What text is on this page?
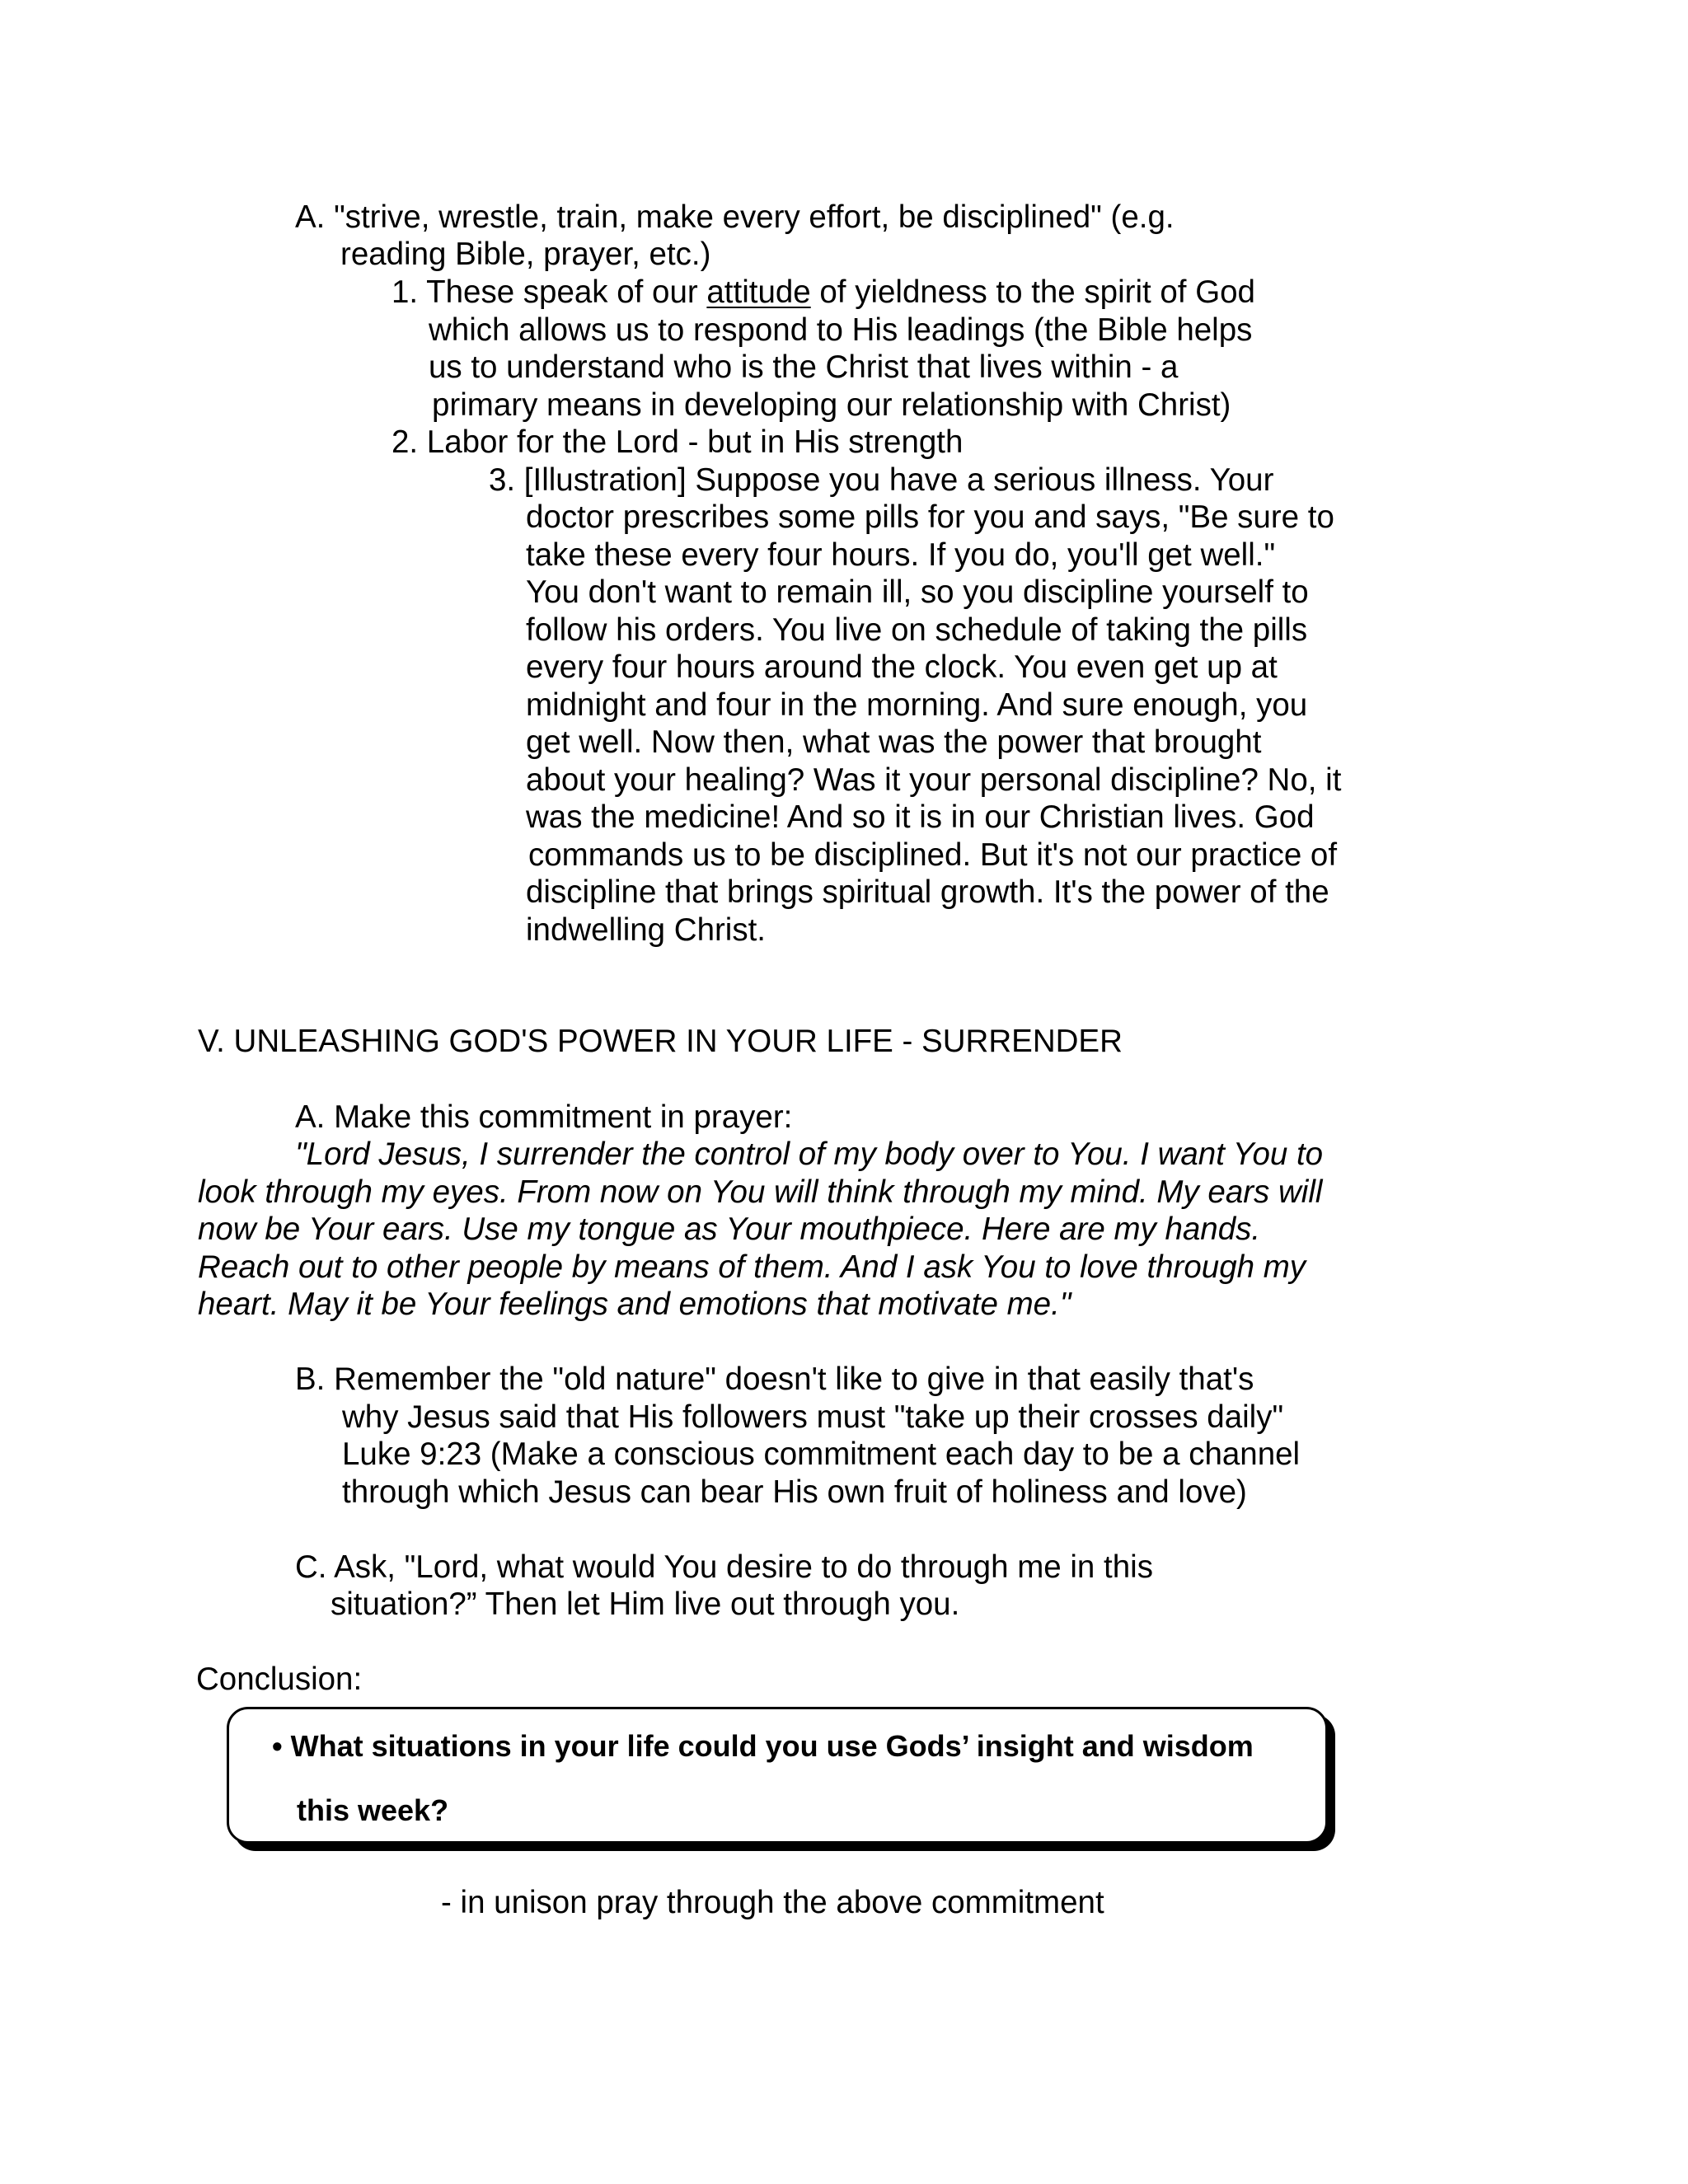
A. "strive, wrestle, train, make every effort, be disciplined" (e.g.
reading Bible, prayer, etc.)
1. These speak of our attitude of yieldness to the spirit of God
which allows us to respond to His leadings (the Bible helps
us to understand who is the Christ that lives within - a
primary means in developing our relationship with Christ)
2. Labor for the Lord - but in His strength
3. [Illustration] Suppose you have a serious illness. Your
doctor prescribes some pills for you and says, "Be sure to
take these every four hours. If you do, you'll get well."
You don't want to remain ill, so you discipline yourself to
follow his orders. You live on schedule of taking the pills
every four hours around the clock. You even get up at
midnight and four in the morning. And sure enough, you
get well. Now then, what was the power that brought
about your healing? Was it your personal discipline? No, it
was the medicine! And so it is in our Christian lives. God
commands us to be disciplined. But it's not our practice of
discipline that brings spiritual growth. It's the power of the
indwelling Christ.
V. UNLEASHING GOD'S POWER IN YOUR LIFE - SURRENDER
A. Make this commitment in prayer:
"Lord Jesus, I surrender the control of my body over to You. I want You to
look through my eyes. From now on You will think through my mind. My ears will
now be Your ears. Use my tongue as Your mouthpiece. Here are my hands.
Reach out to other people by means of them. And I ask You to love through my
heart. May it be Your feelings and emotions that motivate me."
B. Remember the "old nature" doesn't like to give in that easily that's
why Jesus said that His followers must "take up their crosses daily"
Luke 9:23 (Make a conscious commitment each day to be a channel
through which Jesus can bear His own fruit of holiness and love)
C. Ask, "Lord, what would You desire to do through me in this
situation?” Then let Him live out through you.
Conclusion:
• What situations in your life could you use Gods’ insight and wisdom
this week?
- in unison pray through the above commitment
